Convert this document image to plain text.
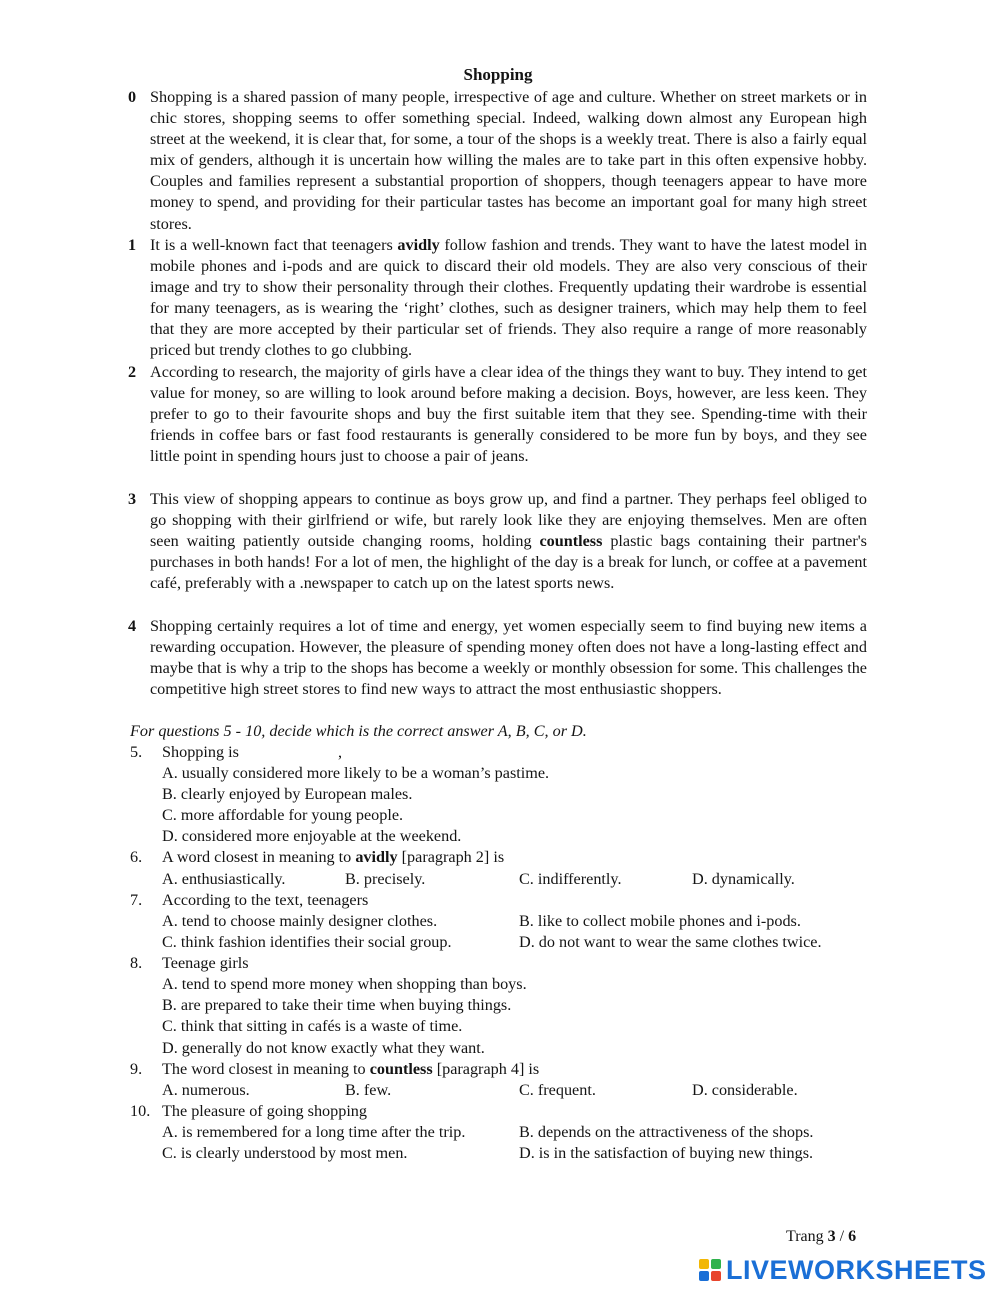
Shopping
0 Shopping is a shared passion of many people, irrespective of age and culture. Whether on street markets or in chic stores, shopping seems to offer something special. Indeed, walking down almost any European high street at the weekend, it is clear that, for some, a tour of the shops is a weekly treat. There is also a fairly equal mix of genders, although it is uncertain how willing the males are to take part in this often expensive hobby. Couples and families represent a substantial proportion of shoppers, though teenagers appear to have more money to spend, and providing for their particular tastes has become an important goal for many high street stores.
1 It is a well-known fact that teenagers avidly follow fashion and trends. They want to have the latest model in mobile phones and i-pods and are quick to discard their old models. They are also very conscious of their image and try to show their personality through their clothes. Frequently updating their wardrobe is essential for many teenagers, as is wearing the ‘right’ clothes, such as designer trainers, which may help them to feel that they are more accepted by their particular set of friends. They also require a range of more reasonably priced but trendy clothes to go clubbing.
2 According to research, the majority of girls have a clear idea of the things they want to buy. They intend to get value for money, so are willing to look around before making a decision. Boys, however, are less keen. They prefer to go to their favourite shops and buy the first suitable item that they see. Spending-time with their friends in coffee bars or fast food restaurants is generally considered to be more fun by boys, and they see little point in spending hours just to choose a pair of jeans.
3 This view of shopping appears to continue as boys grow up, and find a partner. They perhaps feel obliged to go shopping with their girlfriend or wife, but rarely look like they are enjoying themselves. Men are often seen waiting patiently outside changing rooms, holding countless plastic bags containing their partner's purchases in both hands! For a lot of men, the highlight of the day is a break for lunch, or coffee at a pavement café, preferably with a .newspaper to catch up on the latest sports news.
4 Shopping certainly requires a lot of time and energy, yet women especially seem to find buying new items a rewarding occupation. However, the pleasure of spending money often does not have a long-lasting effect and maybe that is why a trip to the shops has become a weekly or monthly obsession for some. This challenges the competitive high street stores to find new ways to attract the most enthusiastic shoppers.
For questions 5 - 10, decide which is the correct answer A, B, C, or D.
5. Shopping is	,
A. usually considered more likely to be a woman’s pastime.
B. clearly enjoyed by European males.
C. more affordable for young people.
D. considered more enjoyable at the weekend.
6. A word closest in meaning to avidly [paragraph 2] is
A. enthusiastically.	B. precisely.	C. indifferently.	D. dynamically.
7. According to the text, teenagers
A. tend to choose mainly designer clothes.	B. like to collect mobile phones and i-pods.
C. think fashion identifies their social group.	D. do not want to wear the same clothes twice.
8. Teenage girls
A. tend to spend more money when shopping than boys.
B. are prepared to take their time when buying things.
C. think that sitting in cafés is a waste of time.
D. generally do not know exactly what they want.
9. The word closest in meaning to countless [paragraph 4] is
A. numerous.	B. few.	C. frequent.	D. considerable.
10. The pleasure of going shopping
A. is remembered for a long time after the trip.	B. depends on the attractiveness of the shops.
C. is clearly understood by most men.	D. is in the satisfaction of buying new things.
Trang 3 / 6
LIVEWORKSHEETS
